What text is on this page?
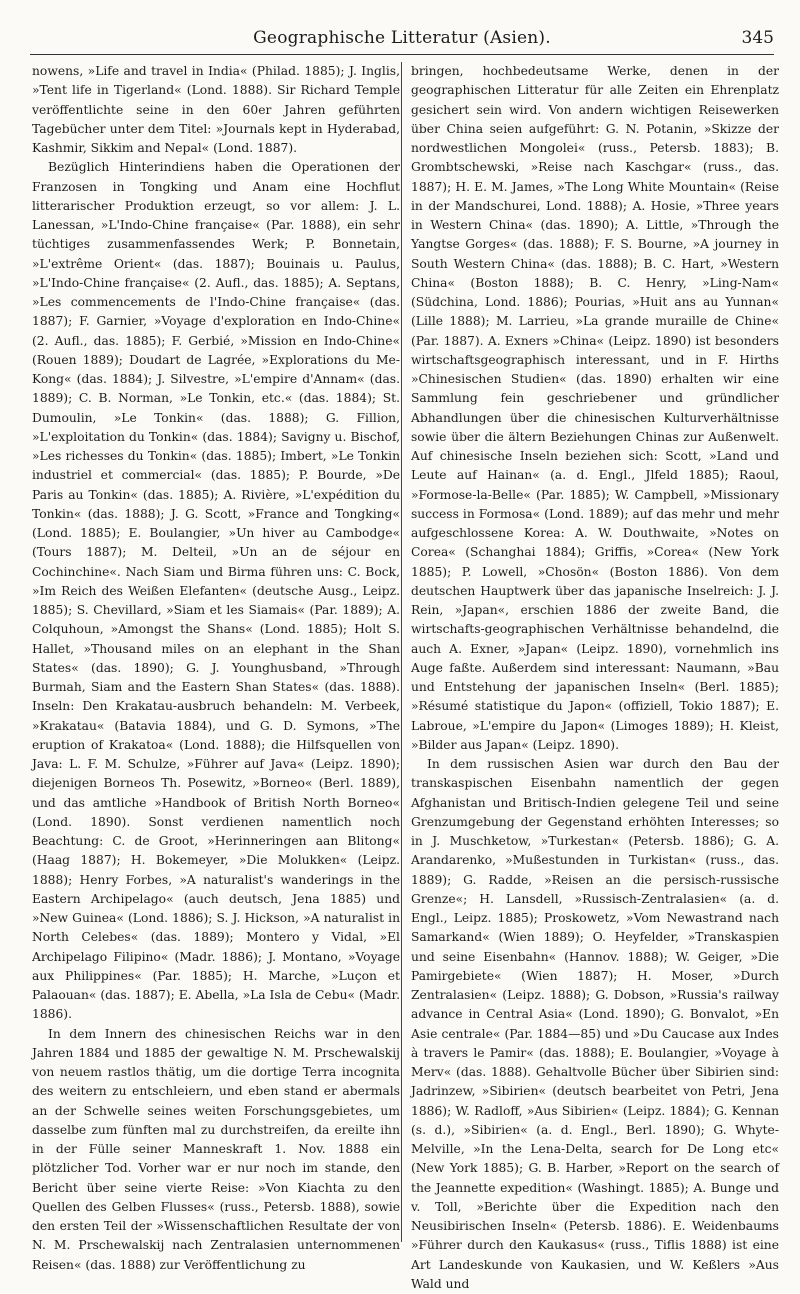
Geographische Litteratur (Asien).	345

nowens, »Life and travel in India« (Philad. 1885); J. Inglis, »Tent life in Tigerland« (Lond. 1888). Sir Richard Temple veröffentlichte seine in den 60er Jahren geführten Tagebücher unter dem Titel: »Journals kept in Hyderabad, Kashmir, Sikkim and Nepal« (Lond. 1887).

Bezüglich Hinterindiens haben die Operationen der Franzosen in Tongking und Anam eine Hochflut litterarischer Produktion erzeugt, so vor allem: J. L. Lanessan, »L'Indo-Chine française« (Par. 1888), ein sehr tüchtiges zusammenfassendes Werk; P. Bonnetain, »L'extrême Orient« (das. 1887); Bouinais u. Paulus, »L'Indo-Chine française« (2. Aufl., das. 1885); A. Septans, »Les commencements de l'Indo-Chine française« (das. 1887); F. Garnier, »Voyage d'exploration en Indo-Chine« (2. Aufl., das. 1885); F. Gerbié, »Mission en Indo-Chine« (Rouen 1889); Doudart de Lagrée, »Explorations du Me-Kong« (das. 1884); J. Silvestre, »L'empire d'Annam« (das. 1889); C. B. Norman, »Le Tonkin, etc.« (das. 1884); St. Dumoulin, »Le Tonkin« (das. 1888); G. Fillion, »L'exploitation du Tonkin« (das. 1884); Savigny u. Bischof, »Les richesses du Tonkin« (das. 1885); Imbert, »Le Tonkin industriel et commercial« (das. 1885); P. Bourde, »De Paris au Tonkin« (das. 1885); A. Rivière, »L'expédition du Tonkin« (das. 1888); J. G. Scott, »France and Tongking« (Lond. 1885); E. Boulangier, »Un hiver au Cambodge« (Tours 1887); M. Delteil, »Un an de séjour en Cochinchine«. Nach Siam und Birma führen uns: C. Bock, »Im Reich des Weißen Elefanten« (deutsche Ausg., Leipz. 1885); S. Chevillard, »Siam et les Siamais« (Par. 1889); A. Colquhoun, »Amongst the Shans« (Lond. 1885); Holt S. Hallet, »Thousand miles on an elephant in the Shan States« (das. 1890); G. J. Younghusband, »Through Burmah, Siam and the Eastern Shan States« (das. 1888). Inseln: Den Krakatau-ausbruch behandeln: M. Verbeek, »Krakatau« (Batavia 1884), und G. D. Symons, »The eruption of Krakatoa« (Lond. 1888); die Hilfsquellen von Java: L. F. M. Schulze, »Führer auf Java« (Leipz. 1890); diejenigen Borneos Th. Posewitz, »Borneo« (Berl. 1889), und das amtliche »Handbook of British North Borneo« (Lond. 1890). Sonst verdienen namentlich noch Beachtung: C. de Groot, »Herinneringen aan Blitong« (Haag 1887); H. Bokemeyer, »Die Molukken« (Leipz. 1888); Henry Forbes, »A naturalist's wanderings in the Eastern Archipelago« (auch deutsch, Jena 1885) und »New Guinea« (Lond. 1886); S. J. Hickson, »A naturalist in North Celebes« (das. 1889); Montero y Vidal, »El Archipelago Filipino« (Madr. 1886); J. Montano, »Voyage aux Philippines« (Par. 1885); H. Marche, »Luçon et Palaouan« (das. 1887); E. Abella, »La Isla de Cebu« (Madr. 1886).

In dem Innern des chinesischen Reichs war in den Jahren 1884 und 1885 der gewaltige N. M. Prschewalskij von neuem rastlos thätig, um die dortige Terra incognita des weitern zu entschleiern, und eben stand er abermals an der Schwelle seines weiten Forschungsgebietes, um dasselbe zum fünften mal zu durchstreifen, da ereilte ihn in der Fülle seiner Manneskraft 1. Nov. 1888 ein plötzlicher Tod. Vorher war er nur noch im stande, den Bericht über seine vierte Reise: »Von Kiachta zu den Quellen des Gelben Flusses« (russ., Petersb. 1888), sowie den ersten Teil der »Wissenschaftlichen Resultate der von N. M. Prschewalskij nach Zentralasien unternommenen Reisen« (das. 1888) zur Veröffentlichung zu

bringen, hochbedeutsame Werke, denen in der geographischen Litteratur für alle Zeiten ein Ehrenplatz gesichert sein wird. Von andern wichtigen Reisewerken über China seien aufgeführt: G. N. Potanin, »Skizze der nordwestlichen Mongolei« (russ., Petersb. 1883); B. Grombtschewski, »Reise nach Kaschgar« (russ., das. 1887); H. E. M. James, »The Long White Mountain« (Reise in der Mandschurei, Lond. 1888); A. Hosie, »Three years in Western China« (das. 1890); A. Little, »Through the Yangtse Gorges« (das. 1888); F. S. Bourne, »A journey in South Western China« (das. 1888); B. C. Hart, »Western China« (Boston 1888); B. C. Henry, »Ling-Nam« (Südchina, Lond. 1886); Pourias, »Huit ans au Yunnan« (Lille 1888); M. Larrieu, »La grande muraille de Chine« (Par. 1887). A. Exners »China« (Leipz. 1890) ist besonders wirtschaftsgeographisch interessant, und in F. Hirths »Chinesischen Studien« (das. 1890) erhalten wir eine Sammlung fein geschriebener und gründlicher Abhandlungen über die chinesischen Kulturverhältnisse sowie über die ältern Beziehungen Chinas zur Außenwelt. Auf chinesische Inseln beziehen sich: Scott, »Land und Leute auf Hainan« (a. d. Engl., Jlfeld 1885); Raoul, »Formose-la-Belle« (Par. 1885); W. Campbell, »Missionary success in Formosa« (Lond. 1889); auf das mehr und mehr aufgeschlossene Korea: A. W. Douthwaite, »Notes on Corea« (Schanghai 1884); Griffis, »Corea« (New York 1885); P. Lowell, »Chosön« (Boston 1886). Von dem deutschen Hauptwerk über das japanische Inselreich: J. J. Rein, »Japan«, erschien 1886 der zweite Band, die wirtschafts-geographischen Verhältnisse behandelnd, die auch A. Exner, »Japan« (Leipz. 1890), vornehmlich ins Auge faßte. Außerdem sind interessant: Naumann, »Bau und Entstehung der japanischen Inseln« (Berl. 1885); »Résumé statistique du Japon« (offiziell, Tokio 1887); E. Labroue, »L'empire du Japon« (Limoges 1889); H. Kleist, »Bilder aus Japan« (Leipz. 1890).

In dem russischen Asien war durch den Bau der transkaspischen Eisenbahn namentlich der gegen Afghanistan und Britisch-Indien gelegene Teil und seine Grenzumgebung der Gegenstand erhöhten Interesses; so in J. Muschketow, »Turkestan« (Petersb. 1886); G. A. Arandarenko, »Mußestunden in Turkistan« (russ., das. 1889); G. Radde, »Reisen an die persisch-russische Grenze«; H. Lansdell, »Russisch-Zentralasien« (a. d. Engl., Leipz. 1885); Proskowetz, »Vom Newastrand nach Samarkand« (Wien 1889); O. Heyfelder, »Transkaspien und seine Eisenbahn« (Hannov. 1888); W. Geiger, »Die Pamirgebiete« (Wien 1887); H. Moser, »Durch Zentralasien« (Leipz. 1888); G. Dobson, »Russia's railway advance in Central Asia« (Lond. 1890); G. Bonvalot, »En Asie centrale« (Par. 1884—85) und »Du Caucase aux Indes à travers le Pamir« (das. 1888); E. Boulangier, »Voyage à Merv« (das. 1888). Gehaltvolle Bücher über Sibirien sind: Jadrinzew, »Sibirien« (deutsch bearbeitet von Petri, Jena 1886); W. Radloff, »Aus Sibirien« (Leipz. 1884); G. Kennan (s. d.), »Sibirien« (a. d. Engl., Berl. 1890); G. Whyte-Melville, »In the Lena-Delta, search for De Long etc« (New York 1885); G. B. Harber, »Report on the search of the Jeannette expedition« (Washingt. 1885); A. Bunge und v. Toll, »Berichte über die Expedition nach den Neusibirischen Inseln« (Petersb. 1886). E. Weidenbaums »Führer durch den Kaukasus« (russ., Tiflis 1888) ist eine Art Landeskunde von Kaukasien, und W. Keßlers »Aus Wald und
